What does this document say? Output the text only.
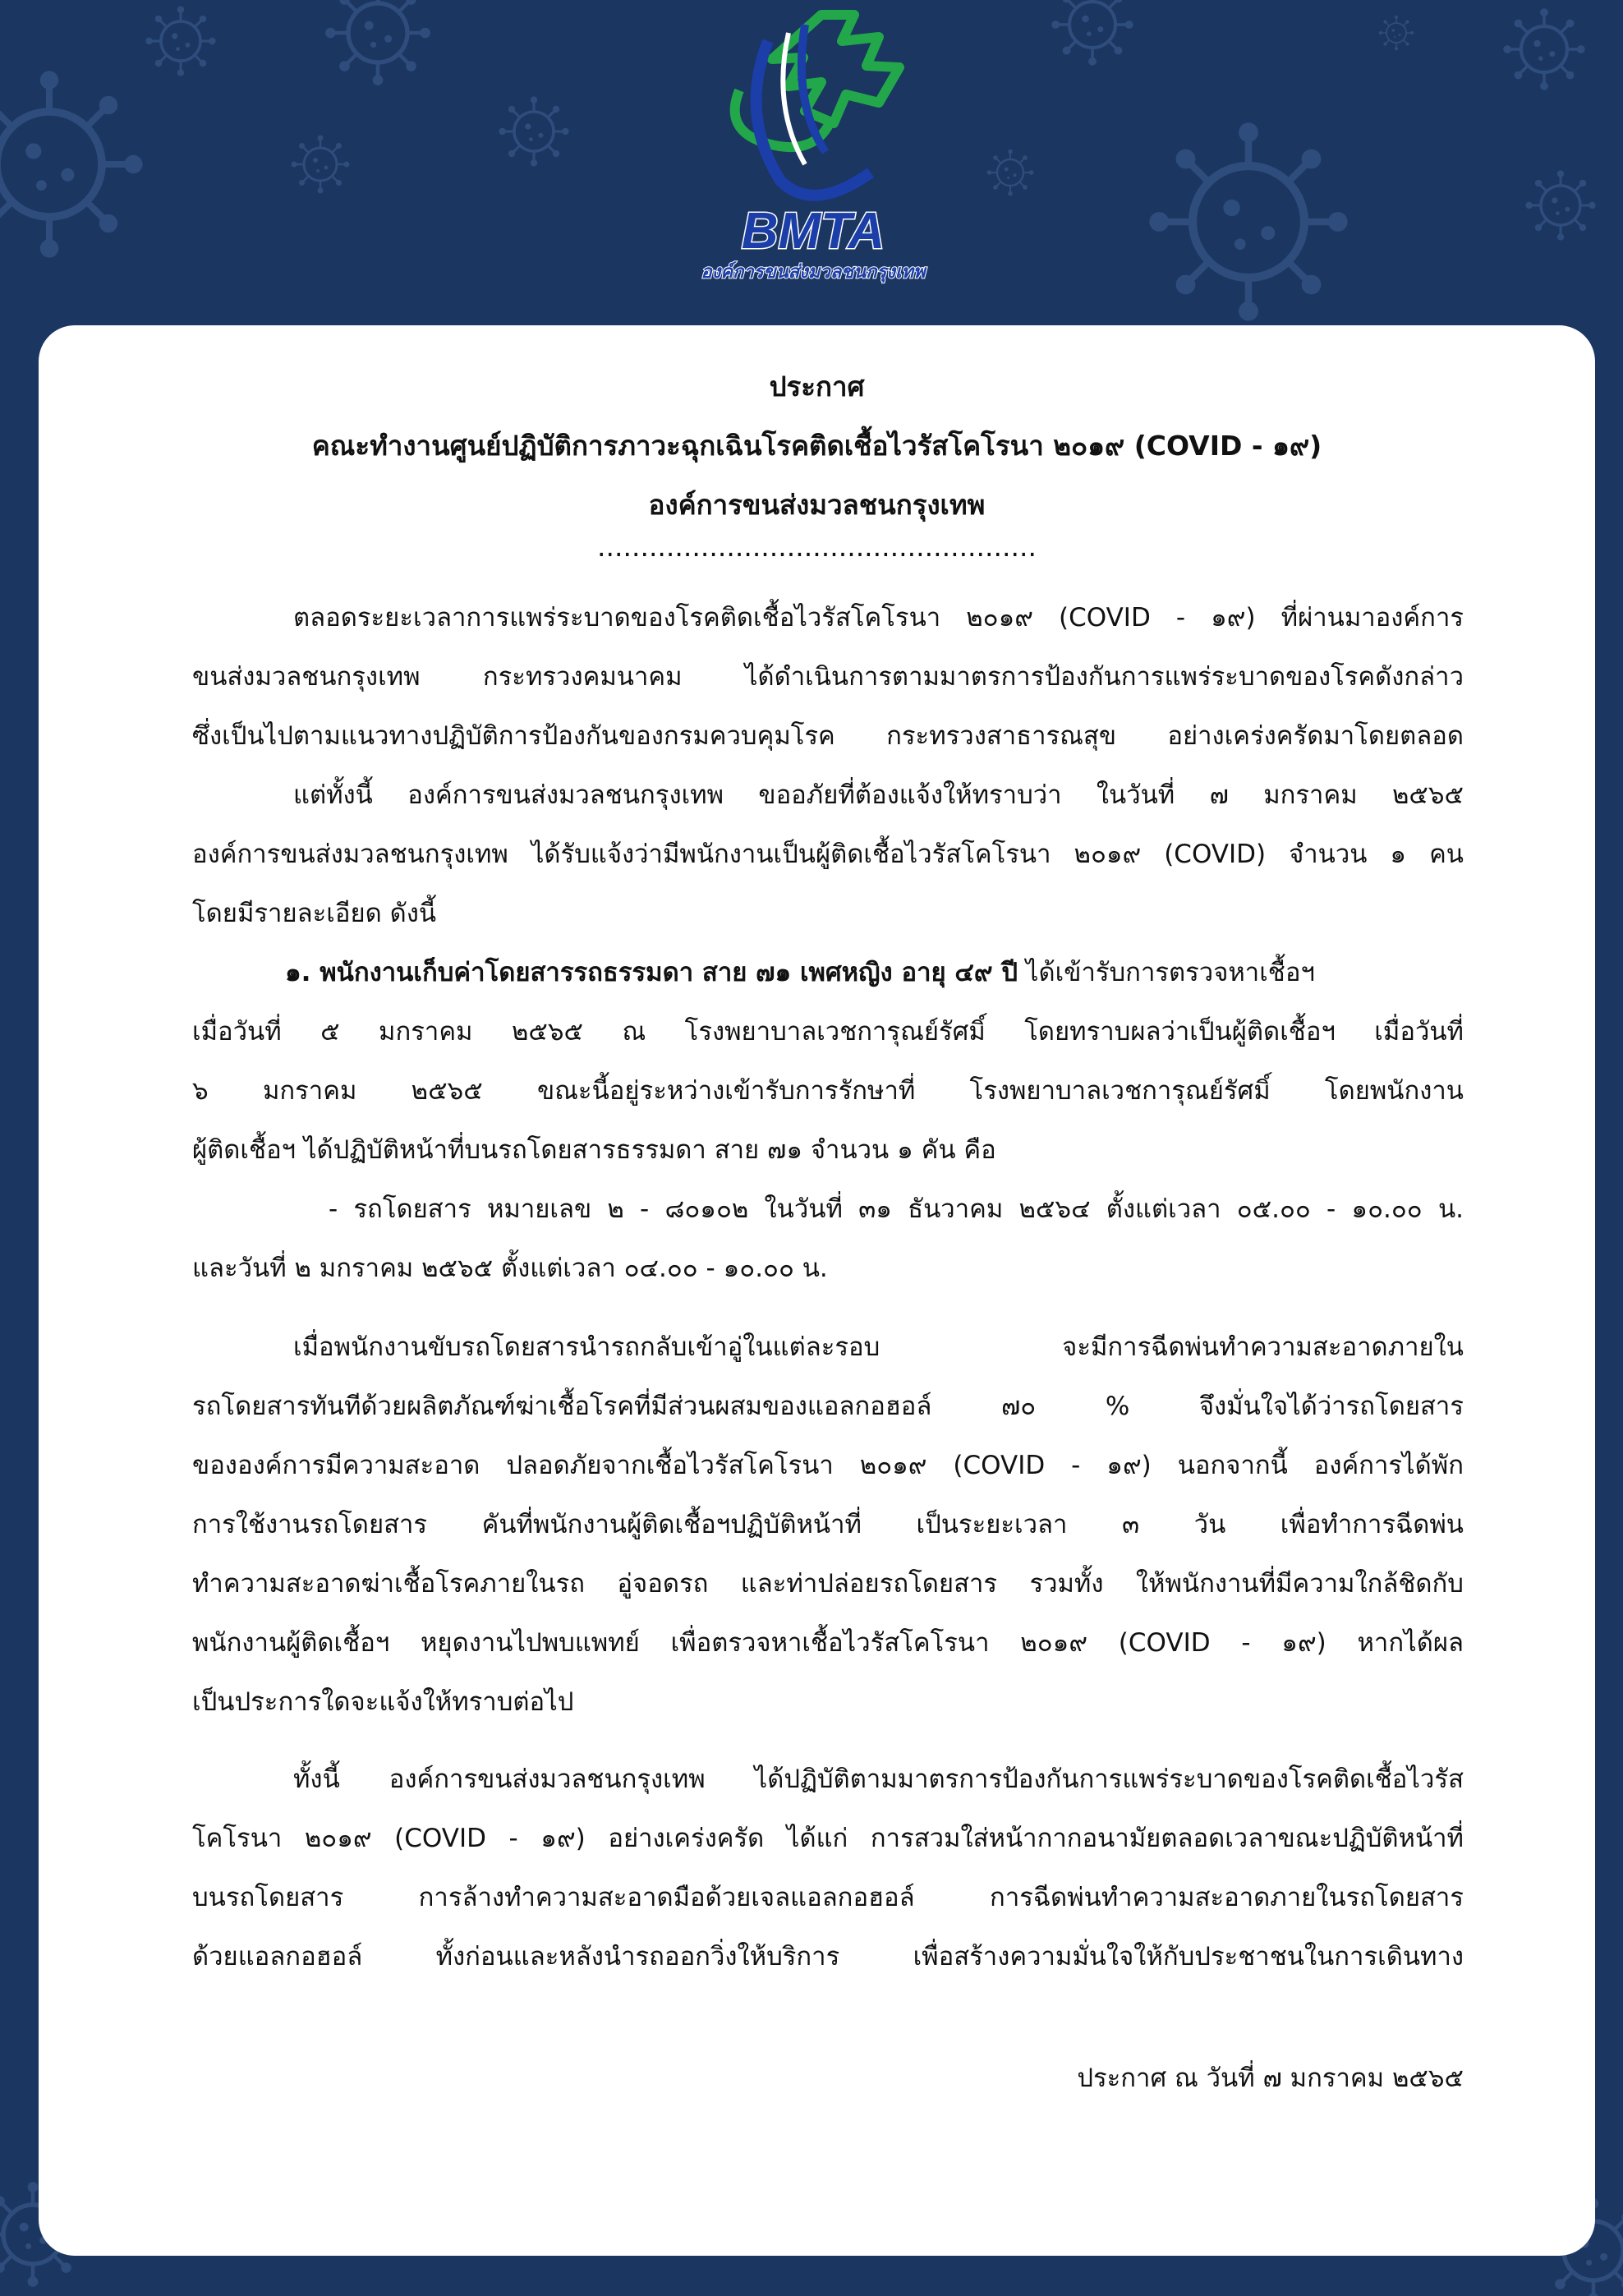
BMTA
องค์การขนส่งมวลชนกรุงเทพ
ประกาศ
คณะทำงานศูนย์ปฏิบัติการภาวะฉุกเฉินโรคติดเชื้อไวรัสโคโรนา ๒๐๑๙ (COVID - ๑๙)
องค์การขนส่งมวลชนกรุงเทพ
...................................................
ตลอดระยะเวลาการแพร่ระบาดของโรคติดเชื้อไวรัสโคโรนา ๒๐๑๙ (COVID - ๑๙) ที่ผ่านมาองค์การ
ขนส่งมวลชนกรุงเทพ กระทรวงคมนาคม ได้ดำเนินการตามมาตรการป้องกันการแพร่ระบาดของโรคดังกล่าว
ซึ่งเป็นไปตามแนวทางปฏิบัติการป้องกันของกรมควบคุมโรค กระทรวงสาธารณสุข อย่างเคร่งครัดมาโดยตลอด
แต่ทั้งนี้ องค์การขนส่งมวลชนกรุงเทพ ขออภัยที่ต้องแจ้งให้ทราบว่า ในวันที่ ๗ มกราคม ๒๕๖๕
องค์การขนส่งมวลชนกรุงเทพ ได้รับแจ้งว่ามีพนักงานเป็นผู้ติดเชื้อไวรัสโคโรนา ๒๐๑๙ (COVID) จำนวน ๑ คน
โดยมีรายละเอียด ดังนี้
๑. พนักงานเก็บค่าโดยสารรถธรรมดา สาย ๗๑ เพศหญิง อายุ ๔๙ ปี ได้เข้ารับการตรวจหาเชื้อฯ
เมื่อวันที่ ๕ มกราคม ๒๕๖๕ ณ โรงพยาบาลเวชการุณย์รัศมิ์ โดยทราบผลว่าเป็นผู้ติดเชื้อฯ เมื่อวันที่
๖ มกราคม ๒๕๖๕ ขณะนี้อยู่ระหว่างเข้ารับการรักษาที่ โรงพยาบาลเวชการุณย์รัศมิ์ โดยพนักงาน
ผู้ติดเชื้อฯ ได้ปฏิบัติหน้าที่บนรถโดยสารธรรมดา สาย ๗๑ จำนวน ๑ คัน คือ
- รถโดยสาร หมายเลข ๒ - ๘๐๑๐๒ ในวันที่ ๓๑ ธันวาคม ๒๕๖๔ ตั้งแต่เวลา ๐๕.๐๐ - ๑๐.๐๐ น.
และวันที่ ๒ มกราคม ๒๕๖๕ ตั้งแต่เวลา ๐๔.๐๐ - ๑๐.๐๐ น.
เมื่อพนักงานขับรถโดยสารนำรถกลับเข้าอู่ในแต่ละรอบ จะมีการฉีดพ่นทำความสะอาดภายใน
รถโดยสารทันทีด้วยผลิตภัณฑ์ฆ่าเชื้อโรคที่มีส่วนผสมของแอลกอฮอล์ ๗๐ % จึงมั่นใจได้ว่ารถโดยสาร
ขององค์การมีความสะอาด ปลอดภัยจากเชื้อไวรัสโคโรนา ๒๐๑๙ (COVID - ๑๙) นอกจากนี้ องค์การได้พัก
การใช้งานรถโดยสาร คันที่พนักงานผู้ติดเชื้อฯปฏิบัติหน้าที่ เป็นระยะเวลา ๓ วัน เพื่อทำการฉีดพ่น
ทำความสะอาดฆ่าเชื้อโรคภายในรถ อู่จอดรถ และท่าปล่อยรถโดยสาร รวมทั้ง ให้พนักงานที่มีความใกล้ชิดกับ
พนักงานผู้ติดเชื้อฯ หยุดงานไปพบแพทย์ เพื่อตรวจหาเชื้อไวรัสโคโรนา ๒๐๑๙ (COVID - ๑๙) หากได้ผล
เป็นประการใดจะแจ้งให้ทราบต่อไป
ทั้งนี้ องค์การขนส่งมวลชนกรุงเทพ ได้ปฏิบัติตามมาตรการป้องกันการแพร่ระบาดของโรคติดเชื้อไวรัส
โคโรนา ๒๐๑๙ (COVID - ๑๙) อย่างเคร่งครัด ได้แก่ การสวมใส่หน้ากากอนามัยตลอดเวลาขณะปฏิบัติหน้าที่
บนรถโดยสาร การล้างทำความสะอาดมือด้วยเจลแอลกอฮอล์ การฉีดพ่นทำความสะอาดภายในรถโดยสาร
ด้วยแอลกอฮอล์ ทั้งก่อนและหลังนำรถออกวิ่งให้บริการ เพื่อสร้างความมั่นใจให้กับประชาชนในการเดินทาง
ประกาศ ณ วันที่ ๗ มกราคม ๒๕๖๕
